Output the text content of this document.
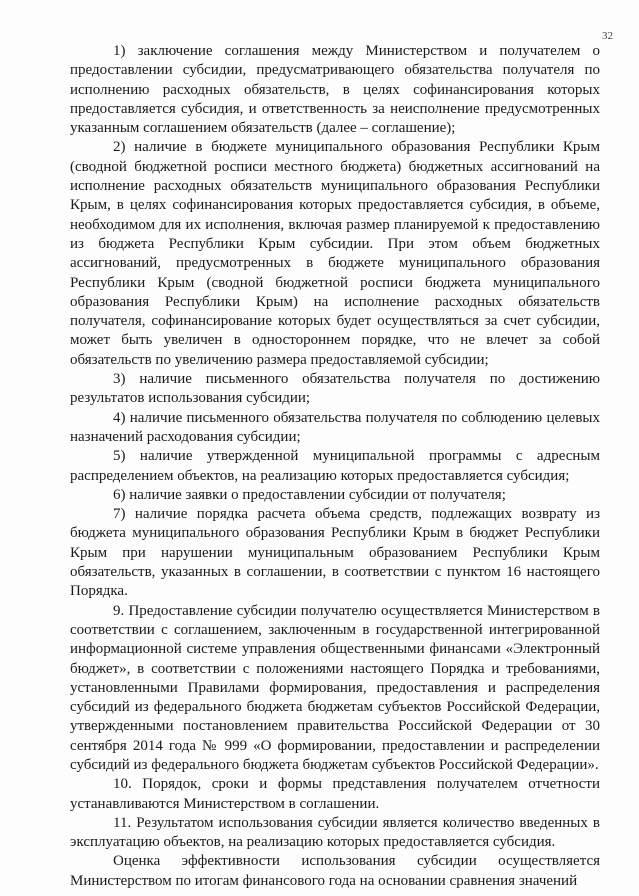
32

1) заключение соглашения между Министерством и получателем о предоставлении субсидии, предусматривающего обязательства получателя по исполнению расходных обязательств, в целях софинансирования которых предоставляется субсидия, и ответственность за неисполнение предусмотренных указанным соглашением обязательств (далее – соглашение);

2) наличие в бюджете муниципального образования Республики Крым (сводной бюджетной росписи местного бюджета) бюджетных ассигнований на исполнение расходных обязательств муниципального образования Республики Крым, в целях софинансирования которых предоставляется субсидия, в объеме, необходимом для их исполнения, включая размер планируемой к предоставлению из бюджета Республики Крым субсидии. При этом объем бюджетных ассигнований, предусмотренных в бюджете муниципального образования Республики Крым (сводной бюджетной росписи бюджета муниципального образования Республики Крым) на исполнение расходных обязательств получателя, софинансирование которых будет осуществляться за счет субсидии, может быть увеличен в одностороннем порядке, что не влечет за собой обязательств по увеличению размера предоставляемой субсидии;

3) наличие письменного обязательства получателя по достижению результатов использования субсидии;

4) наличие письменного обязательства получателя по соблюдению целевых назначений расходования субсидии;

5) наличие утвержденной муниципальной программы с адресным распределением объектов, на реализацию которых предоставляется субсидия;

6) наличие заявки о предоставлении субсидии от получателя;

7) наличие порядка расчета объема средств, подлежащих возврату из бюджета муниципального образования Республики Крым в бюджет Республики Крым при нарушении муниципальным образованием Республики Крым обязательств, указанных в соглашении, в соответствии с пунктом 16 настоящего Порядка.

9. Предоставление субсидии получателю осуществляется Министерством в соответствии с соглашением, заключенным в государственной интегрированной информационной системе управления общественными финансами «Электронный бюджет», в соответствии с положениями настоящего Порядка и требованиями, установленными Правилами формирования, предоставления и распределения субсидий из федерального бюджета бюджетам субъектов Российской Федерации, утвержденными постановлением правительства Российской Федерации от 30 сентября 2014 года № 999 «О формировании, предоставлении и распределении субсидий из федерального бюджета бюджетам субъектов Российской Федерации».

10. Порядок, сроки и формы представления получателем отчетности устанавливаются Министерством в соглашении.

11. Результатом использования субсидии является количество введенных в эксплуатацию объектов, на реализацию которых предоставляется субсидия.

Оценка эффективности использования субсидии осуществляется Министерством по итогам финансового года на основании сравнения значений
